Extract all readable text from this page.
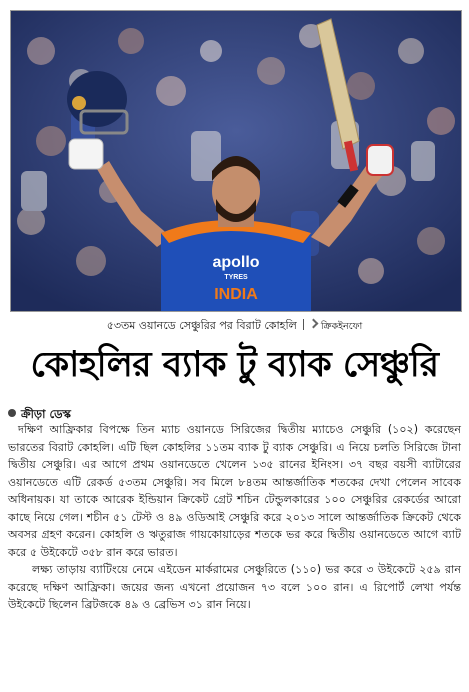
apollo
TYRES
INDIA
৫৩তম ওয়ানডে সেঞ্চুরির পর বিরাট কোহলি	ক্রিকইনফো
কোহলির ব্যাক টু ব্যাক সেঞ্চুরি
ক্রীড়া ডেস্ক

দক্ষিণ আফ্রিকার বিপক্ষে তিন ম্যাচ ওয়ানডে সিরিজের দ্বিতীয় ম্যাচেও সেঞ্চুরি (১০২) করেছেন ভারতের বিরাট কোহলি। এটি ছিল কোহলির ১১তম ব্যাক টু ব্যাক সেঞ্চুরি। এ নিয়ে চলতি সিরিজে টানা দ্বিতীয় সেঞ্চুরি। এর আগে প্রথম ওয়ানডেতে খেলেন ১৩৫ রানের ইনিংস। ৩৭ বছর বয়সী ব্যাটারের ওয়ানডেতে এটি রেকর্ড ৫৩তম সেঞ্চুরি। সব মিলে ৮৪তম আন্তর্জাতিক শতকের দেখা পেলেন সাবেক অধিনায়ক। যা তাকে আরেক ইন্ডিয়ান ক্রিকেট গ্রেট শচিন টেন্ডুলকারের ১০০ সেঞ্চুরির রেকর্ডের আরো কাছে নিয়ে গেল। শচীন ৫১ টেস্ট ও ৪৯ ওডিআই সেঞ্চুরি করে ২০১৩ সালে আন্তর্জাতিক ক্রিকেট থেকে অবসর গ্রহণ করেন। কোহলি ও ঋতুরাজ গায়কোয়াড়ের শতকে ভর করে দ্বিতীয় ওয়ানডেতে আগে ব্যাট করে ৫ উইকেটে ৩৫৮ রান করে ভারত।

লক্ষ্য তাড়ায় ব্যাটিংয়ে নেমে এইডেন মার্করামের সেঞ্চুরিতে (১১০) ভর করে ৩ উইকেটে ২৫৯ রান করেছে দক্ষিণ আফ্রিকা। জয়ের জন্য এখনো প্রয়োজন ৭৩ বলে ১০০ রান। এ রিপোর্ট লেখা পর্যন্ত উইকেটে ছিলেন ব্রিটজকে ৪৯ ও ব্রেভিস ৩১ রান নিয়ে।
